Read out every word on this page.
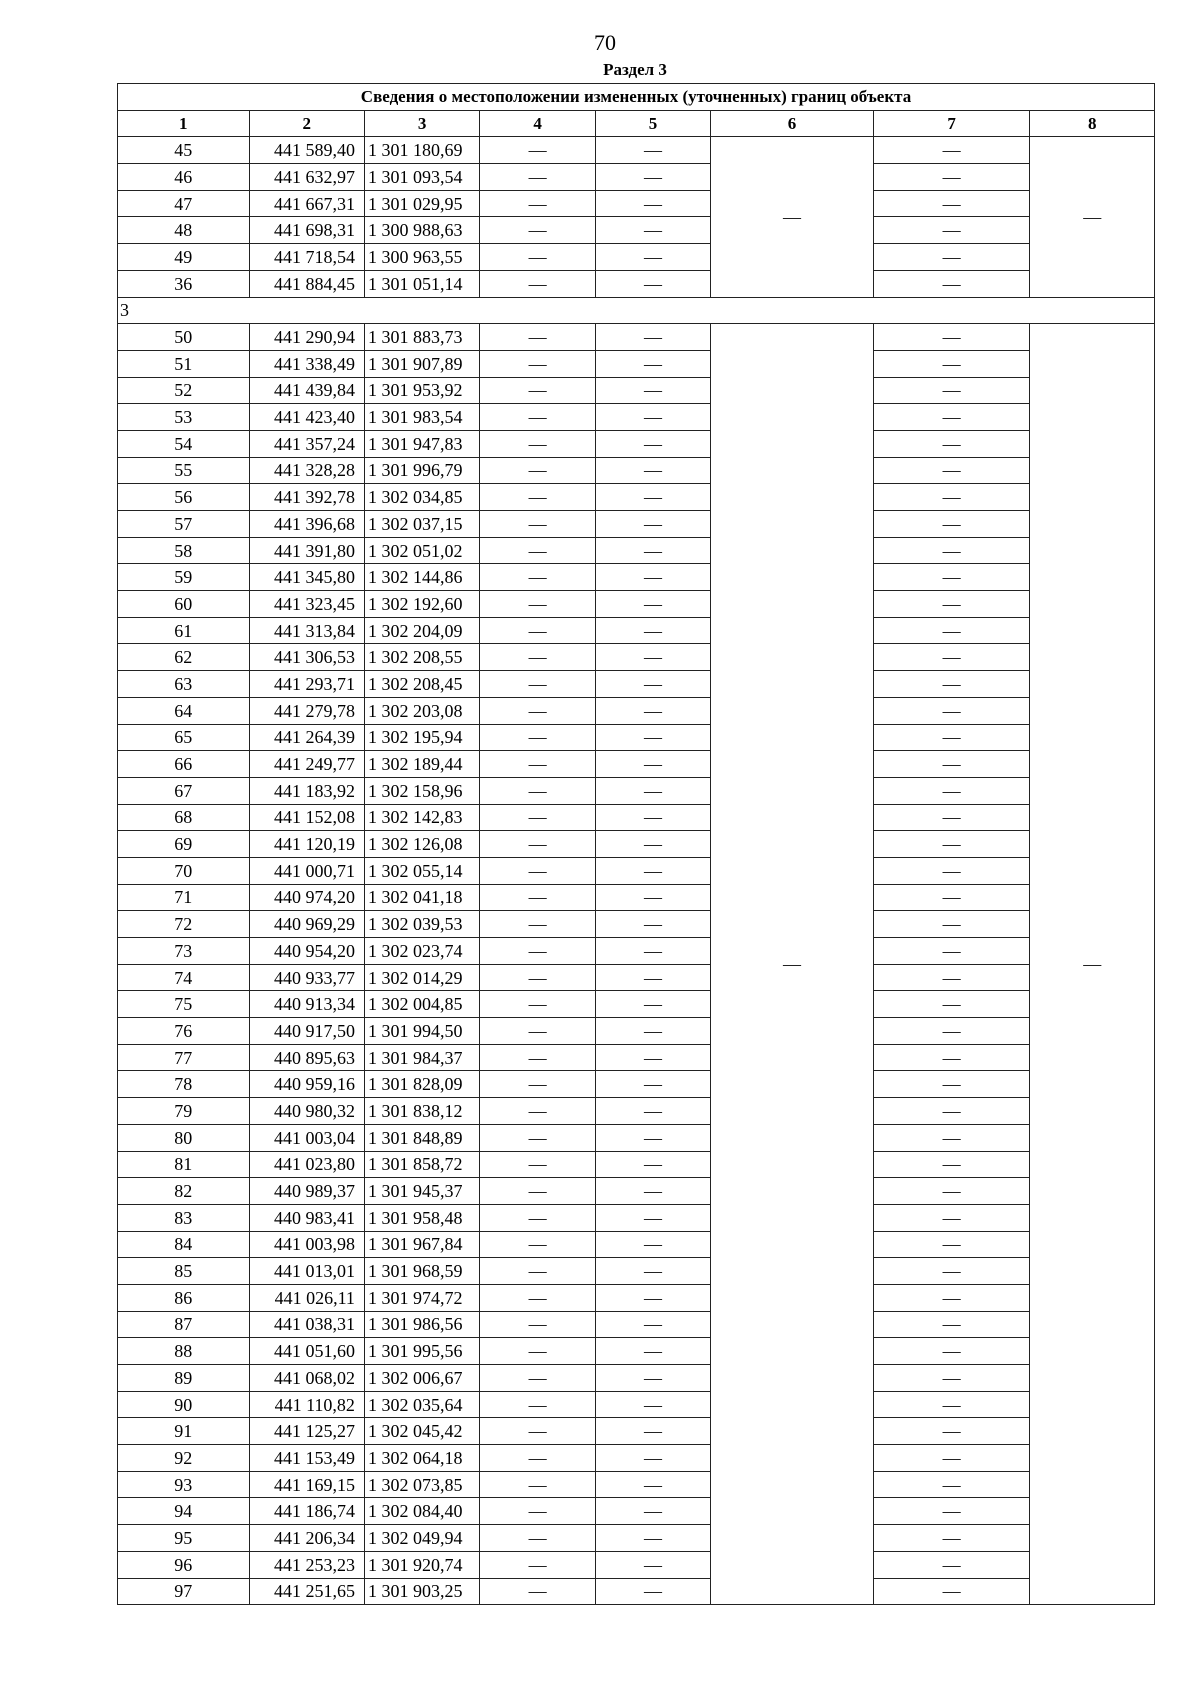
70
Раздел 3
Сведения о местоположении измененных (уточненных) границ объекта							
1	2	3	4	5	6	7	8
45	441 589,40	1 301 180,69	—	—	—	—	—
46	441 632,97	1 301 093,54	—	—		—	
47	441 667,31	1 301 029,95	—	—		—	
48	441 698,31	1 300 988,63	—	—		—	
49	441 718,54	1 300 963,55	—	—		—	
36	441 884,45	1 301 051,14	—	—		—	
3							
50	441 290,94	1 301 883,73	—	—	—	—	—
51	441 338,49	1 301 907,89	—	—		—	
52	441 439,84	1 301 953,92	—	—		—	
53	441 423,40	1 301 983,54	—	—		—	
54	441 357,24	1 301 947,83	—	—		—	
55	441 328,28	1 301 996,79	—	—		—	
56	441 392,78	1 302 034,85	—	—		—	
57	441 396,68	1 302 037,15	—	—		—	
58	441 391,80	1 302 051,02	—	—		—	
59	441 345,80	1 302 144,86	—	—		—	
60	441 323,45	1 302 192,60	—	—		—	
61	441 313,84	1 302 204,09	—	—		—	
62	441 306,53	1 302 208,55	—	—		—	
63	441 293,71	1 302 208,45	—	—		—	
64	441 279,78	1 302 203,08	—	—		—	
65	441 264,39	1 302 195,94	—	—		—	
66	441 249,77	1 302 189,44	—	—		—	
67	441 183,92	1 302 158,96	—	—		—	
68	441 152,08	1 302 142,83	—	—		—	
69	441 120,19	1 302 126,08	—	—		—	
70	441 000,71	1 302 055,14	—	—		—	
71	440 974,20	1 302 041,18	—	—		—	
72	440 969,29	1 302 039,53	—	—		—	
73	440 954,20	1 302 023,74	—	—		—	
74	440 933,77	1 302 014,29	—	—		—	
75	440 913,34	1 302 004,85	—	—		—	
76	440 917,50	1 301 994,50	—	—		—	
77	440 895,63	1 301 984,37	—	—		—	
78	440 959,16	1 301 828,09	—	—		—	
79	440 980,32	1 301 838,12	—	—		—	
80	441 003,04	1 301 848,89	—	—		—	
81	441 023,80	1 301 858,72	—	—		—	
82	440 989,37	1 301 945,37	—	—		—	
83	440 983,41	1 301 958,48	—	—		—	
84	441 003,98	1 301 967,84	—	—		—	
85	441 013,01	1 301 968,59	—	—		—	
86	441 026,11	1 301 974,72	—	—		—	
87	441 038,31	1 301 986,56	—	—		—	
88	441 051,60	1 301 995,56	—	—		—	
89	441 068,02	1 302 006,67	—	—		—	
90	441 110,82	1 302 035,64	—	—		—	
91	441 125,27	1 302 045,42	—	—		—	
92	441 153,49	1 302 064,18	—	—		—	
93	441 169,15	1 302 073,85	—	—		—	
94	441 186,74	1 302 084,40	—	—		—	
95	441 206,34	1 302 049,94	—	—		—	
96	441 253,23	1 301 920,74	—	—		—	
97	441 251,65	1 301 903,25	—	—		—	
